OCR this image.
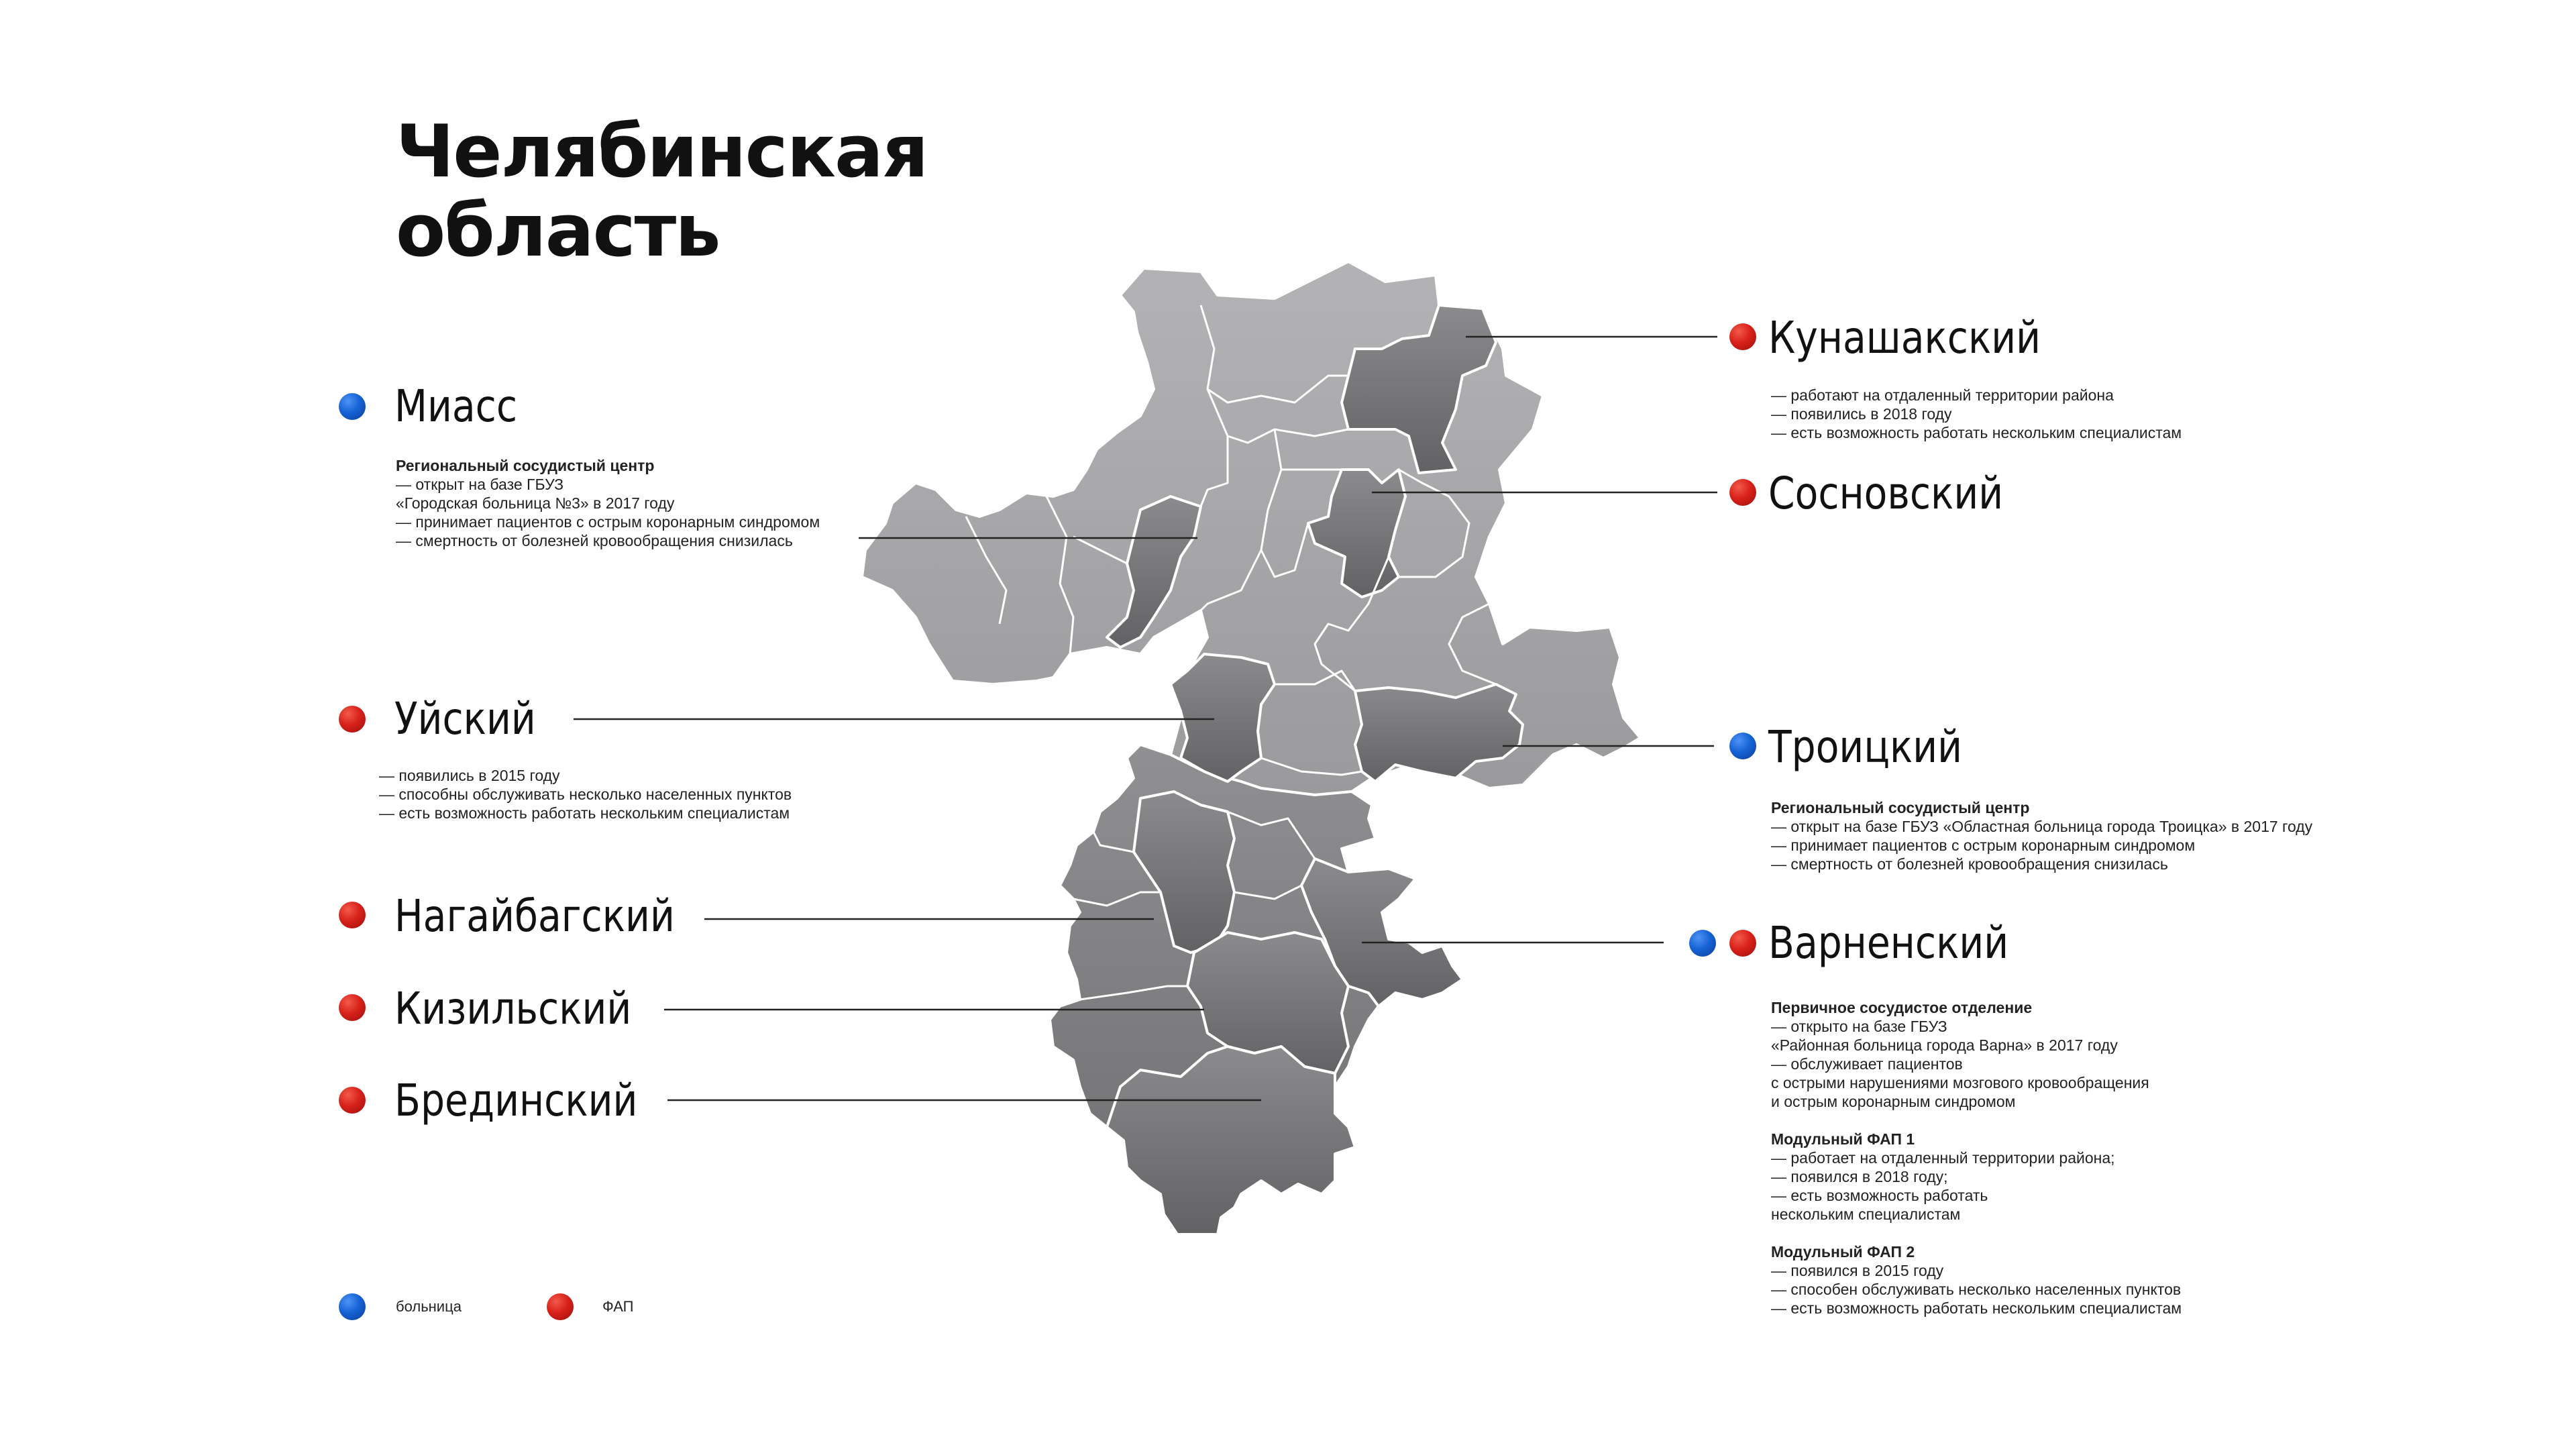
Челябинская
область
Кунашакский
— работают на отдаленный территории района
— появились в 2018 году
— есть возможность работать нескольким специалистам
Сосновский
Миасс
Региональный сосудистый центр
— открыт на базе ГБУЗ
«Городская больница №3» в 2017 году
— принимает пациентов с острым коронарным синдромом
— смертность от болезней кровообращения снизилась
Уйский
— появились в 2015 году
— способны обслуживать несколько населенных пунктов
— есть возможность работать нескольким специалистам
Троицкий
Региональный сосудистый центр
— открыт на базе ГБУЗ «Областная больница города Троицка» в 2017 году
— принимает пациентов с острым коронарным синдромом
— смертность от болезней кровообращения снизилась
Нагайбагский
Варненский
Первичное сосудистое отделение
— открыто на базе ГБУЗ
«Районная больница города Варна» в 2017 году
— обслуживает пациентов
с острыми нарушениями мозгового кровообращения
и острым коронарным синдромом
Модульный ФАП 1
— работает на отдаленный территории района;
— появился в 2018 году;
— есть возможность работать
нескольким специалистам
Модульный ФАП 2
— появился в 2015 году
— способен обслуживать несколько населенных пунктов
— есть возможность работать нескольким специалистам
Кизильский
Брединский
больница	ФАП
